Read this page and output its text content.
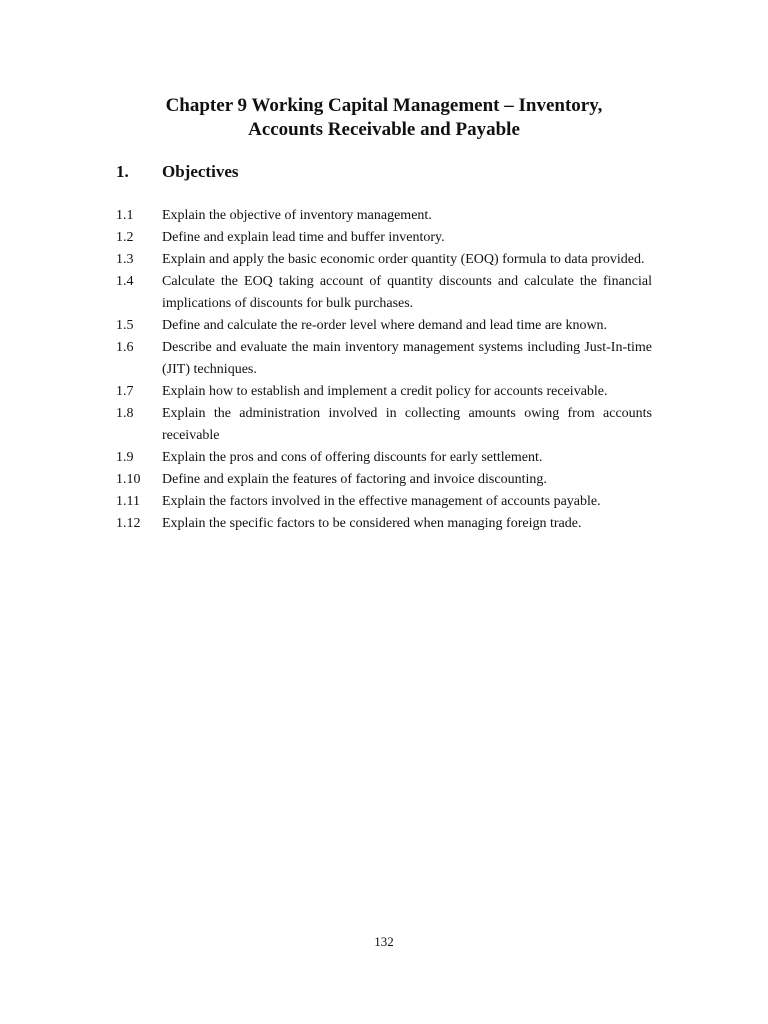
Chapter 9 Working Capital Management – Inventory,
Accounts Receivable and Payable
1.	Objectives
1.1	Explain the objective of inventory management.
1.2	Define and explain lead time and buffer inventory.
1.3	Explain and apply the basic economic order quantity (EOQ) formula to data provided.
1.4	Calculate the EOQ taking account of quantity discounts and calculate the financial implications of discounts for bulk purchases.
1.5	Define and calculate the re-order level where demand and lead time are known.
1.6	Describe and evaluate the main inventory management systems including Just-In-time (JIT) techniques.
1.7	Explain how to establish and implement a credit policy for accounts receivable.
1.8	Explain the administration involved in collecting amounts owing from accounts receivable
1.9	Explain the pros and cons of offering discounts for early settlement.
1.10	Define and explain the features of factoring and invoice discounting.
1.11	Explain the factors involved in the effective management of accounts payable.
1.12	Explain the specific factors to be considered when managing foreign trade.
132
